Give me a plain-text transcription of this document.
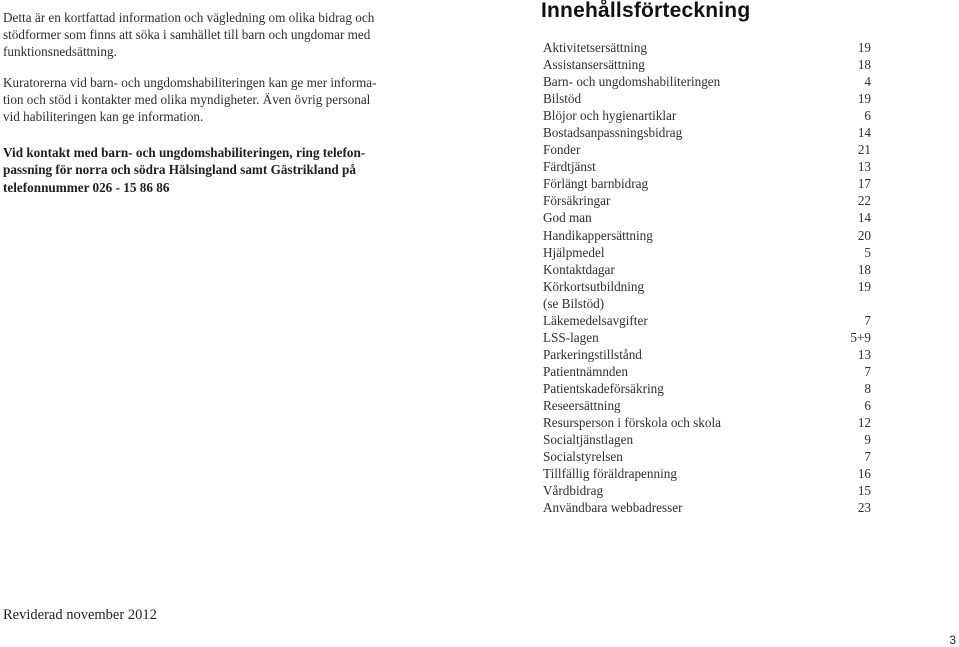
Detta är en kortfattad information och vägledning om olika bidrag och
stödformer som finns att söka i samhället till barn och ungdomar med
funktionsnedsättning.

Kuratorerna vid barn- och ungdomshabiliteringen kan ge mer informa-
tion och stöd i kontakter med olika myndigheter. Även övrig personal
vid habiliteringen kan ge information.

Vid kontakt med barn- och ungdomshabiliteringen, ring telefon-
passning för norra och södra Hälsingland samt Gästrikland på
telefonnummer 026 - 15 86 86

Innehållsförteckning
Aktivitetsersättning	19
Assistansersättning	18
Barn- och ungdomshabiliteringen	4
Bilstöd	19
Blöjor och hygienartiklar	6
Bostadsanpassningsbidrag	14
Fonder	21
Färdtjänst	13
Förlängt barnbidrag	17
Försäkringar	22
God man	14
Handikappersättning	20
Hjälpmedel	5
Kontaktdagar	18
Körkortsutbildning	19
(se Bilstöd)
Läkemedelsavgifter	7
LSS-lagen	5+9
Parkeringstillstånd	13
Patientnämnden	7
Patientskadeförsäkring	8
Reseersättning	6
Resursperson i förskola och skola	12
Socialtjänstlagen	9
Socialstyrelsen	7
Tillfällig föräldrapenning	16
Vårdbidrag	15
Användbara webbadresser	23
Reviderad november 2012
3
